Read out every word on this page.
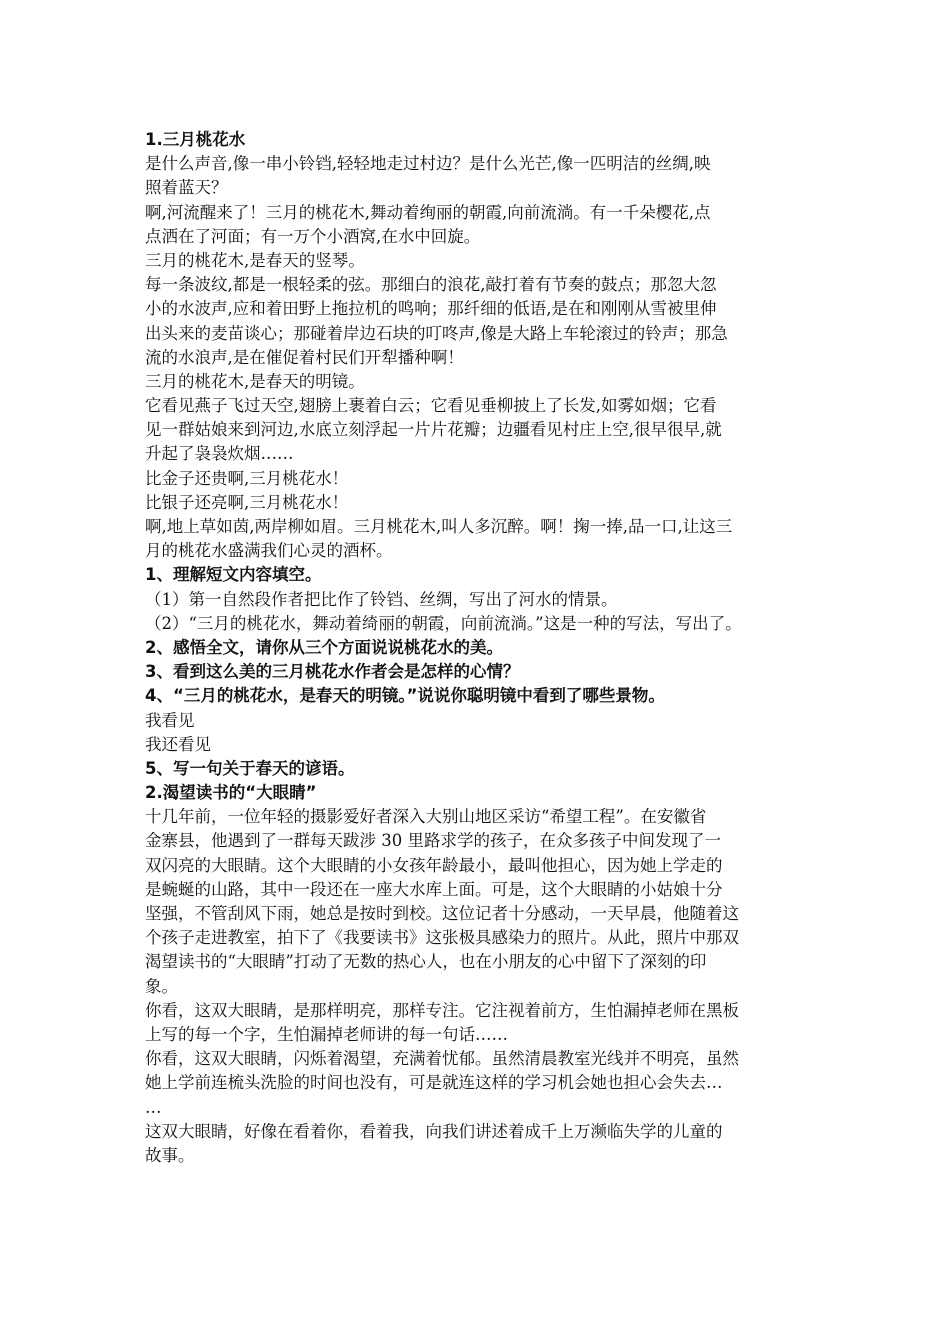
1.三月桃花水
是什么声音,像一串小铃铛,轻轻地走过村边？是什么光芒,像一匹明洁的丝绸,映
照着蓝天？
啊,河流醒来了！三月的桃花木,舞动着绚丽的朝霞,向前流淌。有一千朵樱花,点
点洒在了河面；有一万个小酒窝,在水中回旋。
三月的桃花木,是春天的竖琴。
每一条波纹,都是一根轻柔的弦。那细白的浪花,敲打着有节奏的鼓点；那忽大忽
小的水波声,应和着田野上拖拉机的鸣响；那纤细的低语,是在和刚刚从雪被里伸
出头来的麦苗谈心；那碰着岸边石块的叮咚声,像是大路上车轮滚过的铃声；那急
流的水浪声,是在催促着村民们开犁播种啊！
三月的桃花木,是春天的明镜。
它看见燕子飞过天空,翅膀上裹着白云；它看见垂柳披上了长发,如雾如烟；它看
见一群姑娘来到河边,水底立刻浮起一片片花瓣；边疆看见村庄上空,很早很早,就
升起了袅袅炊烟……
比金子还贵啊,三月桃花水！
比银子还亮啊,三月桃花水！
啊,地上草如茵,两岸柳如眉。三月桃花木,叫人多沉醉。啊！掬一捧,品一口,让这三
月的桃花水盛满我们心灵的酒杯。
1、理解短文内容填空。
（1）第一自然段作者把比作了铃铛、丝绸，写出了河水的情景。
（2）“三月的桃花水，舞动着绮丽的朝霞，向前流淌。”这是一种的写法，写出了。
2、感悟全文，请你从三个方面说说桃花水的美。
3、看到这么美的三月桃花水作者会是怎样的心情？
4、“三月的桃花水，是春天的明镜。”说说你聪明镜中看到了哪些景物。
我看见
我还看见
5、写一句关于春天的谚语。
2.渴望读书的“大眼睛”
十几年前，一位年轻的摄影爱好者深入大别山地区采访“希望工程”。在安徽省
金寨县，他遇到了一群每天跋涉 30 里路求学的孩子，在众多孩子中间发现了一
双闪亮的大眼睛。这个大眼睛的小女孩年龄最小，最叫他担心，因为她上学走的
是蜿蜒的山路，其中一段还在一座大水库上面。可是，这个大眼睛的小姑娘十分
坚强，不管刮风下雨，她总是按时到校。这位记者十分感动，一天早晨，他随着这
个孩子走进教室，拍下了《我要读书》这张极具感染力的照片。从此，照片中那双
渴望读书的“大眼睛”打动了无数的热心人，也在小朋友的心中留下了深刻的印
象。
你看，这双大眼睛，是那样明亮，那样专注。它注视着前方，生怕漏掉老师在黑板
上写的每一个字，生怕漏掉老师讲的每一句话……
你看，这双大眼睛，闪烁着渴望，充满着忧郁。虽然清晨教室光线并不明亮，虽然
她上学前连梳头洗脸的时间也没有，可是就连这样的学习机会她也担心会失去…
…
这双大眼睛，好像在看着你，看着我，向我们讲述着成千上万濒临失学的儿童的
故事。
